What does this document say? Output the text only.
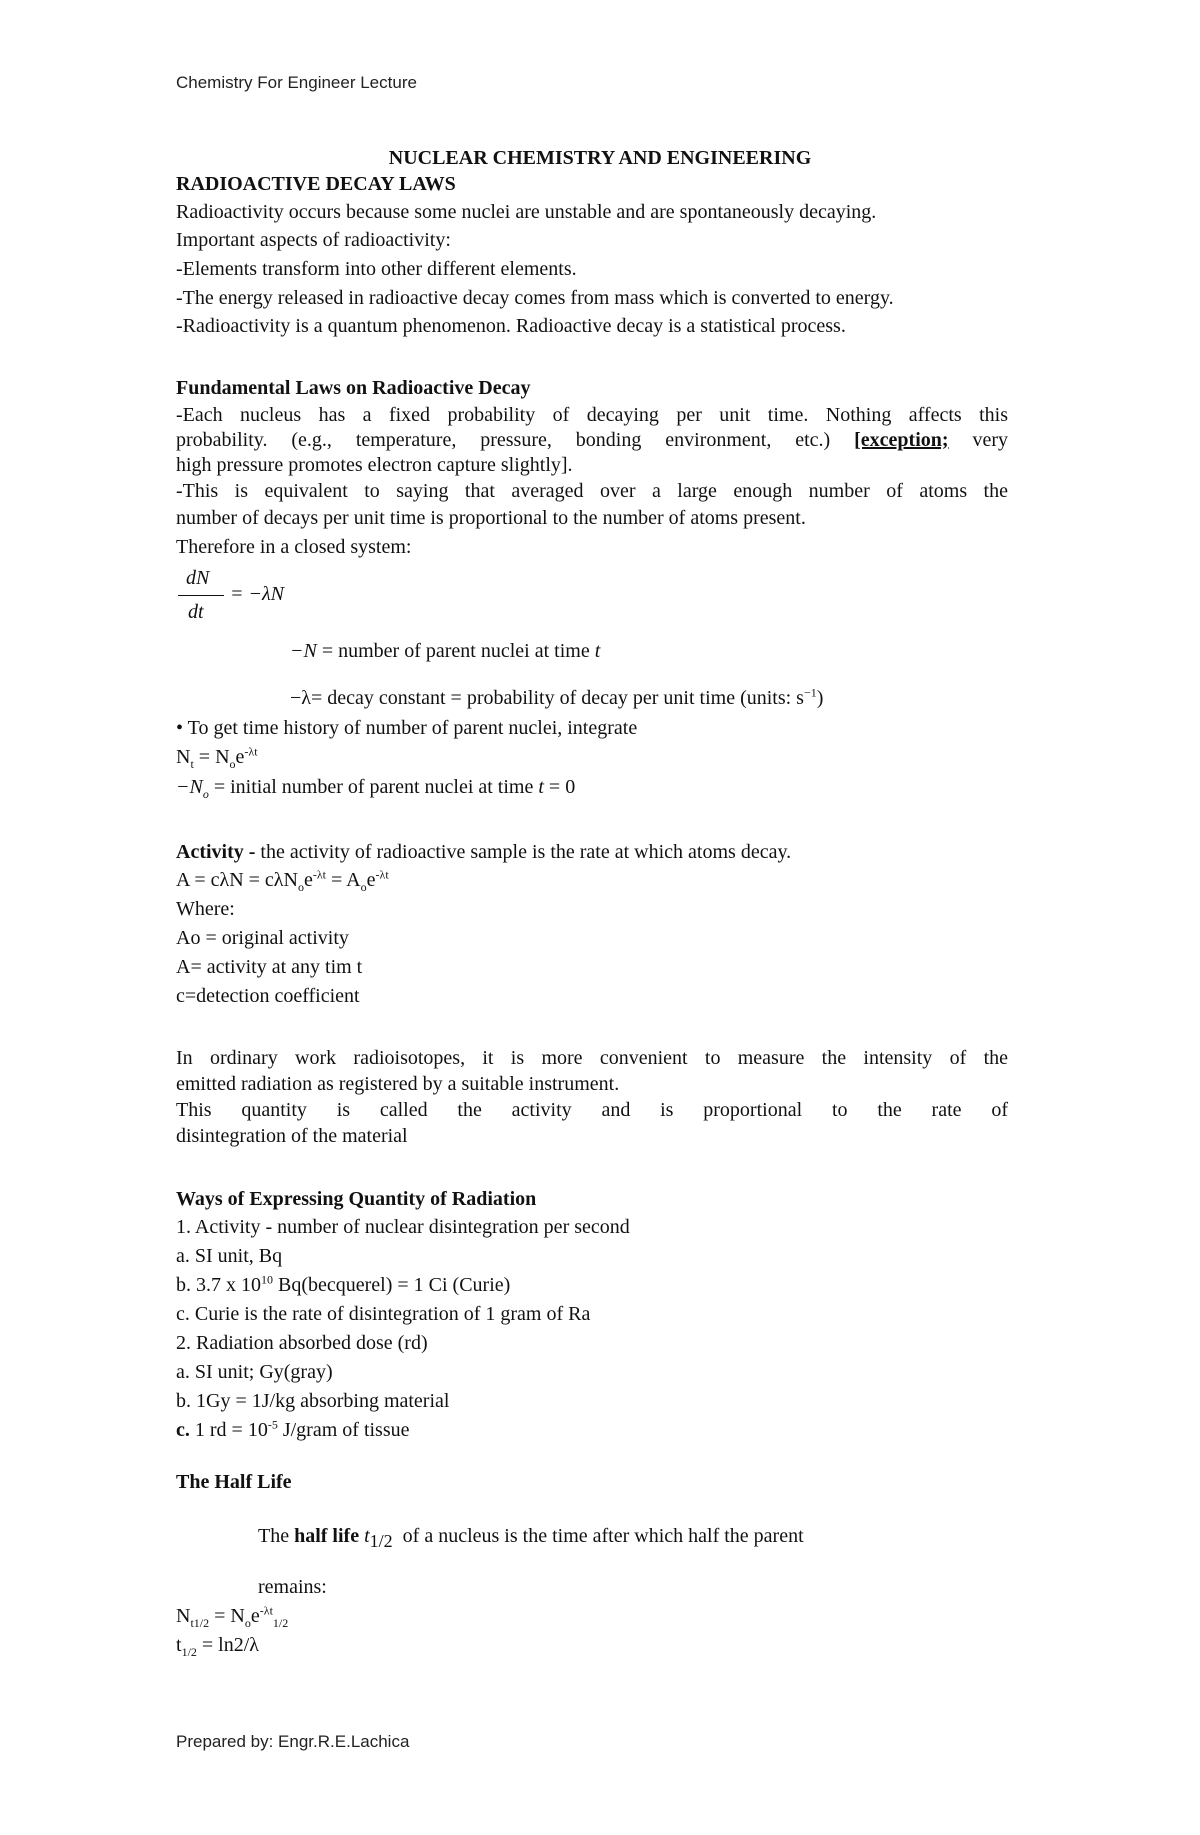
Chemistry For Engineer Lecture
NUCLEAR CHEMISTRY AND ENGINEERING
RADIOACTIVE DECAY LAWS
Radioactivity occurs because some nuclei are unstable and are spontaneously decaying.
Important aspects of radioactivity:
-Elements transform into other different elements.
-The energy released in radioactive decay comes from mass which is converted to energy.
-Radioactivity is a quantum phenomenon. Radioactive decay is a statistical process.
Fundamental Laws on Radioactive Decay
-Each nucleus has a fixed probability of decaying per unit time. Nothing affects this
probability. (e.g., temperature, pressure, bonding environment, etc.) [exception; very
high pressure promotes electron capture slightly].
-This is equivalent to saying that averaged over a large enough number of atoms the
number of decays per unit time is proportional to the number of atoms present.
Therefore in a closed system:
dN
dt
= −λN
−N = number of parent nuclei at time t
−λ= decay constant = probability of decay per unit time (units: $s^{-1}$)
• To get time history of number of parent nuclei, integrate
$N_t = N_oe^{-\lambda t}$
$-N_o$ = initial number of parent nuclei at time t = 0
Activity - the activity of radioactive sample is the rate at which atoms decay.
$A = c\lambda N = c\lambda N_oe^{-\lambda t} = A_oe^{-\lambda t}$
Where:
Ao = original activity
A= activity at any tim t
c=detection coefficient
In ordinary work radioisotopes, it is more convenient to measure the intensity of the
emitted radiation as registered by a suitable instrument.
This quantity is called the activity and is proportional to the rate of
disintegration of the material
Ways of Expressing Quantity of Radiation
1. Activity - number of nuclear disintegration per second
a. SI unit, Bq
b. 3.7 x $10^{10}$ Bq(becquerel) = 1 Ci (Curie)
c. Curie is the rate of disintegration of 1 gram of Ra
2. Radiation absorbed dose (rd)
a. SI unit; Gy(gray)
b. 1Gy = 1J/kg absorbing material
c. 1 rd = $10^{-5}$ J/gram of tissue
The Half Life
The half life $t_{1/2}$ of a nucleus is the time after which half the parent
remains:
$N_{t1/2} = N_oe^{-\lambda t}_{1/2}$
$t_{1/2} = \ln 2/\lambda$
Prepared by: Engr.R.E.Lachica
